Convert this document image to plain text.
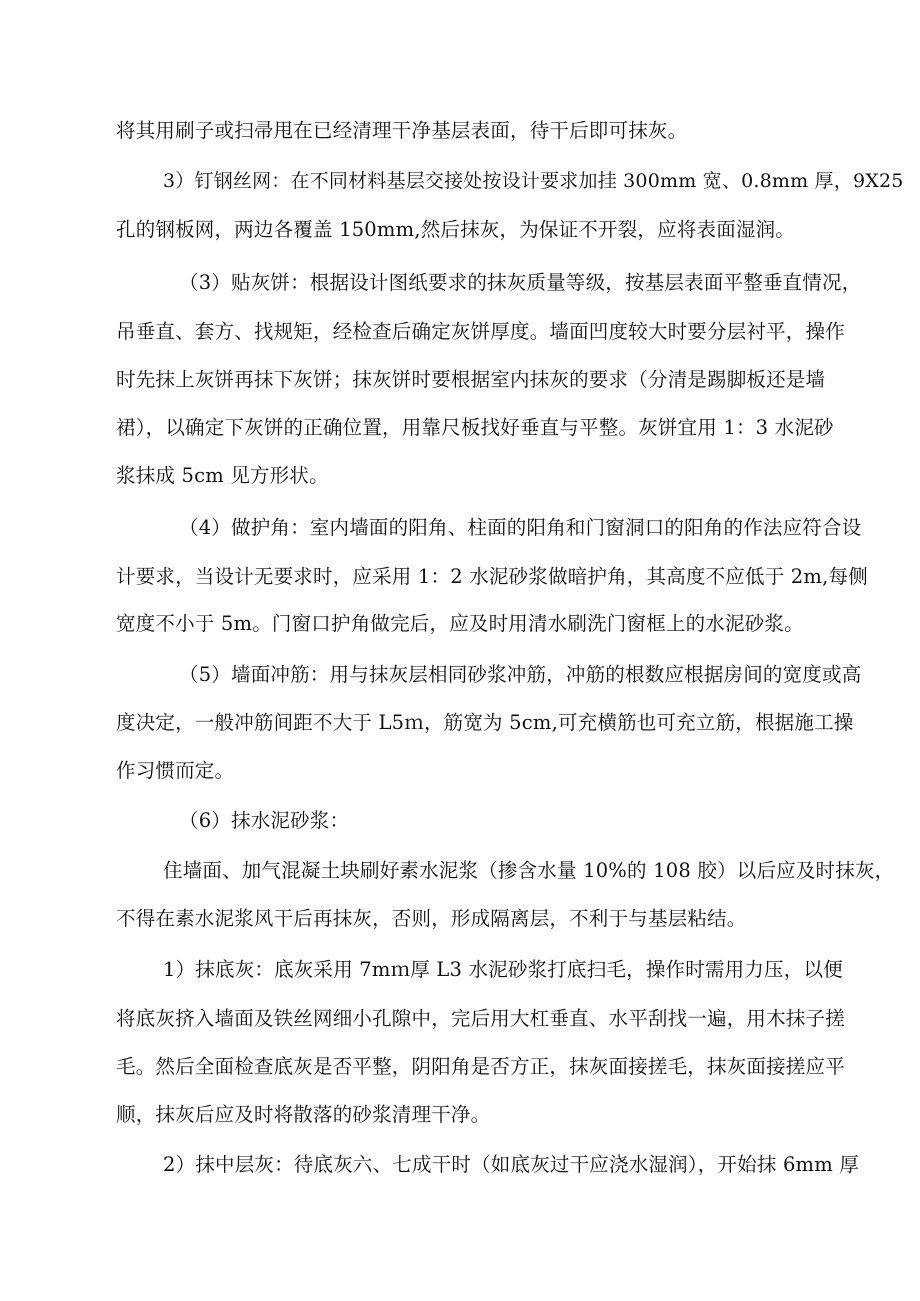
将其用刷子或扫帚甩在已经清理干净基层表面，待干后即可抹灰。
3）钉钢丝网：在不同材料基层交接处按设计要求加挂 300mm 宽、0.8mm 厚，9X25
孔的钢板网，两边各覆盖 150mm,然后抹灰，为保证不开裂，应将表面湿润。
（3）贴灰饼：根据设计图纸要求的抹灰质量等级，按基层表面平整垂直情况，
吊垂直、套方、找规矩，经检查后确定灰饼厚度。墙面凹度较大时要分层衬平，操作
时先抹上灰饼再抹下灰饼；抹灰饼时要根据室内抹灰的要求（分清是踢脚板还是墙
裙），以确定下灰饼的正确位置，用靠尺板找好垂直与平整。灰饼宜用 1：3 水泥砂
浆抹成 5cm 见方形状。
（4）做护角：室内墙面的阳角、柱面的阳角和门窗洞口的阳角的作法应符合设
计要求，当设计无要求时，应采用 1：2 水泥砂浆做暗护角，其高度不应低于 2m,每侧
宽度不小于 5m。门窗口护角做完后，应及时用清水刷洗门窗框上的水泥砂浆。
（5）墙面冲筋：用与抹灰层相同砂浆冲筋，冲筋的根数应根据房间的宽度或高
度决定，一般冲筋间距不大于 L5ｍ，筋宽为 5cm,可充横筋也可充立筋，根据施工操
作习惯而定。
（6）抹水泥砂浆：
住墙面、加气混凝土块刷好素水泥浆（掺含水量 10%的 108 胶）以后应及时抹灰，
不得在素水泥浆风干后再抹灰，否则，形成隔离层，不利于与基层粘结。
1）抹底灰：底灰采用 7mｍ厚 L3 水泥砂浆打底扫毛，操作时需用力压，以便
将底灰挤入墙面及铁丝网细小孔隙中，完后用大杠垂直、水平刮找一遍，用木抹子搓
毛。然后全面检查底灰是否平整，阴阳角是否方正，抹灰面接搓毛，抹灰面接搓应平
顺，抹灰后应及时将散落的砂浆清理干净。
2）抹中层灰：待底灰六、七成干时（如底灰过干应浇水湿润），开始抹 6mm 厚
